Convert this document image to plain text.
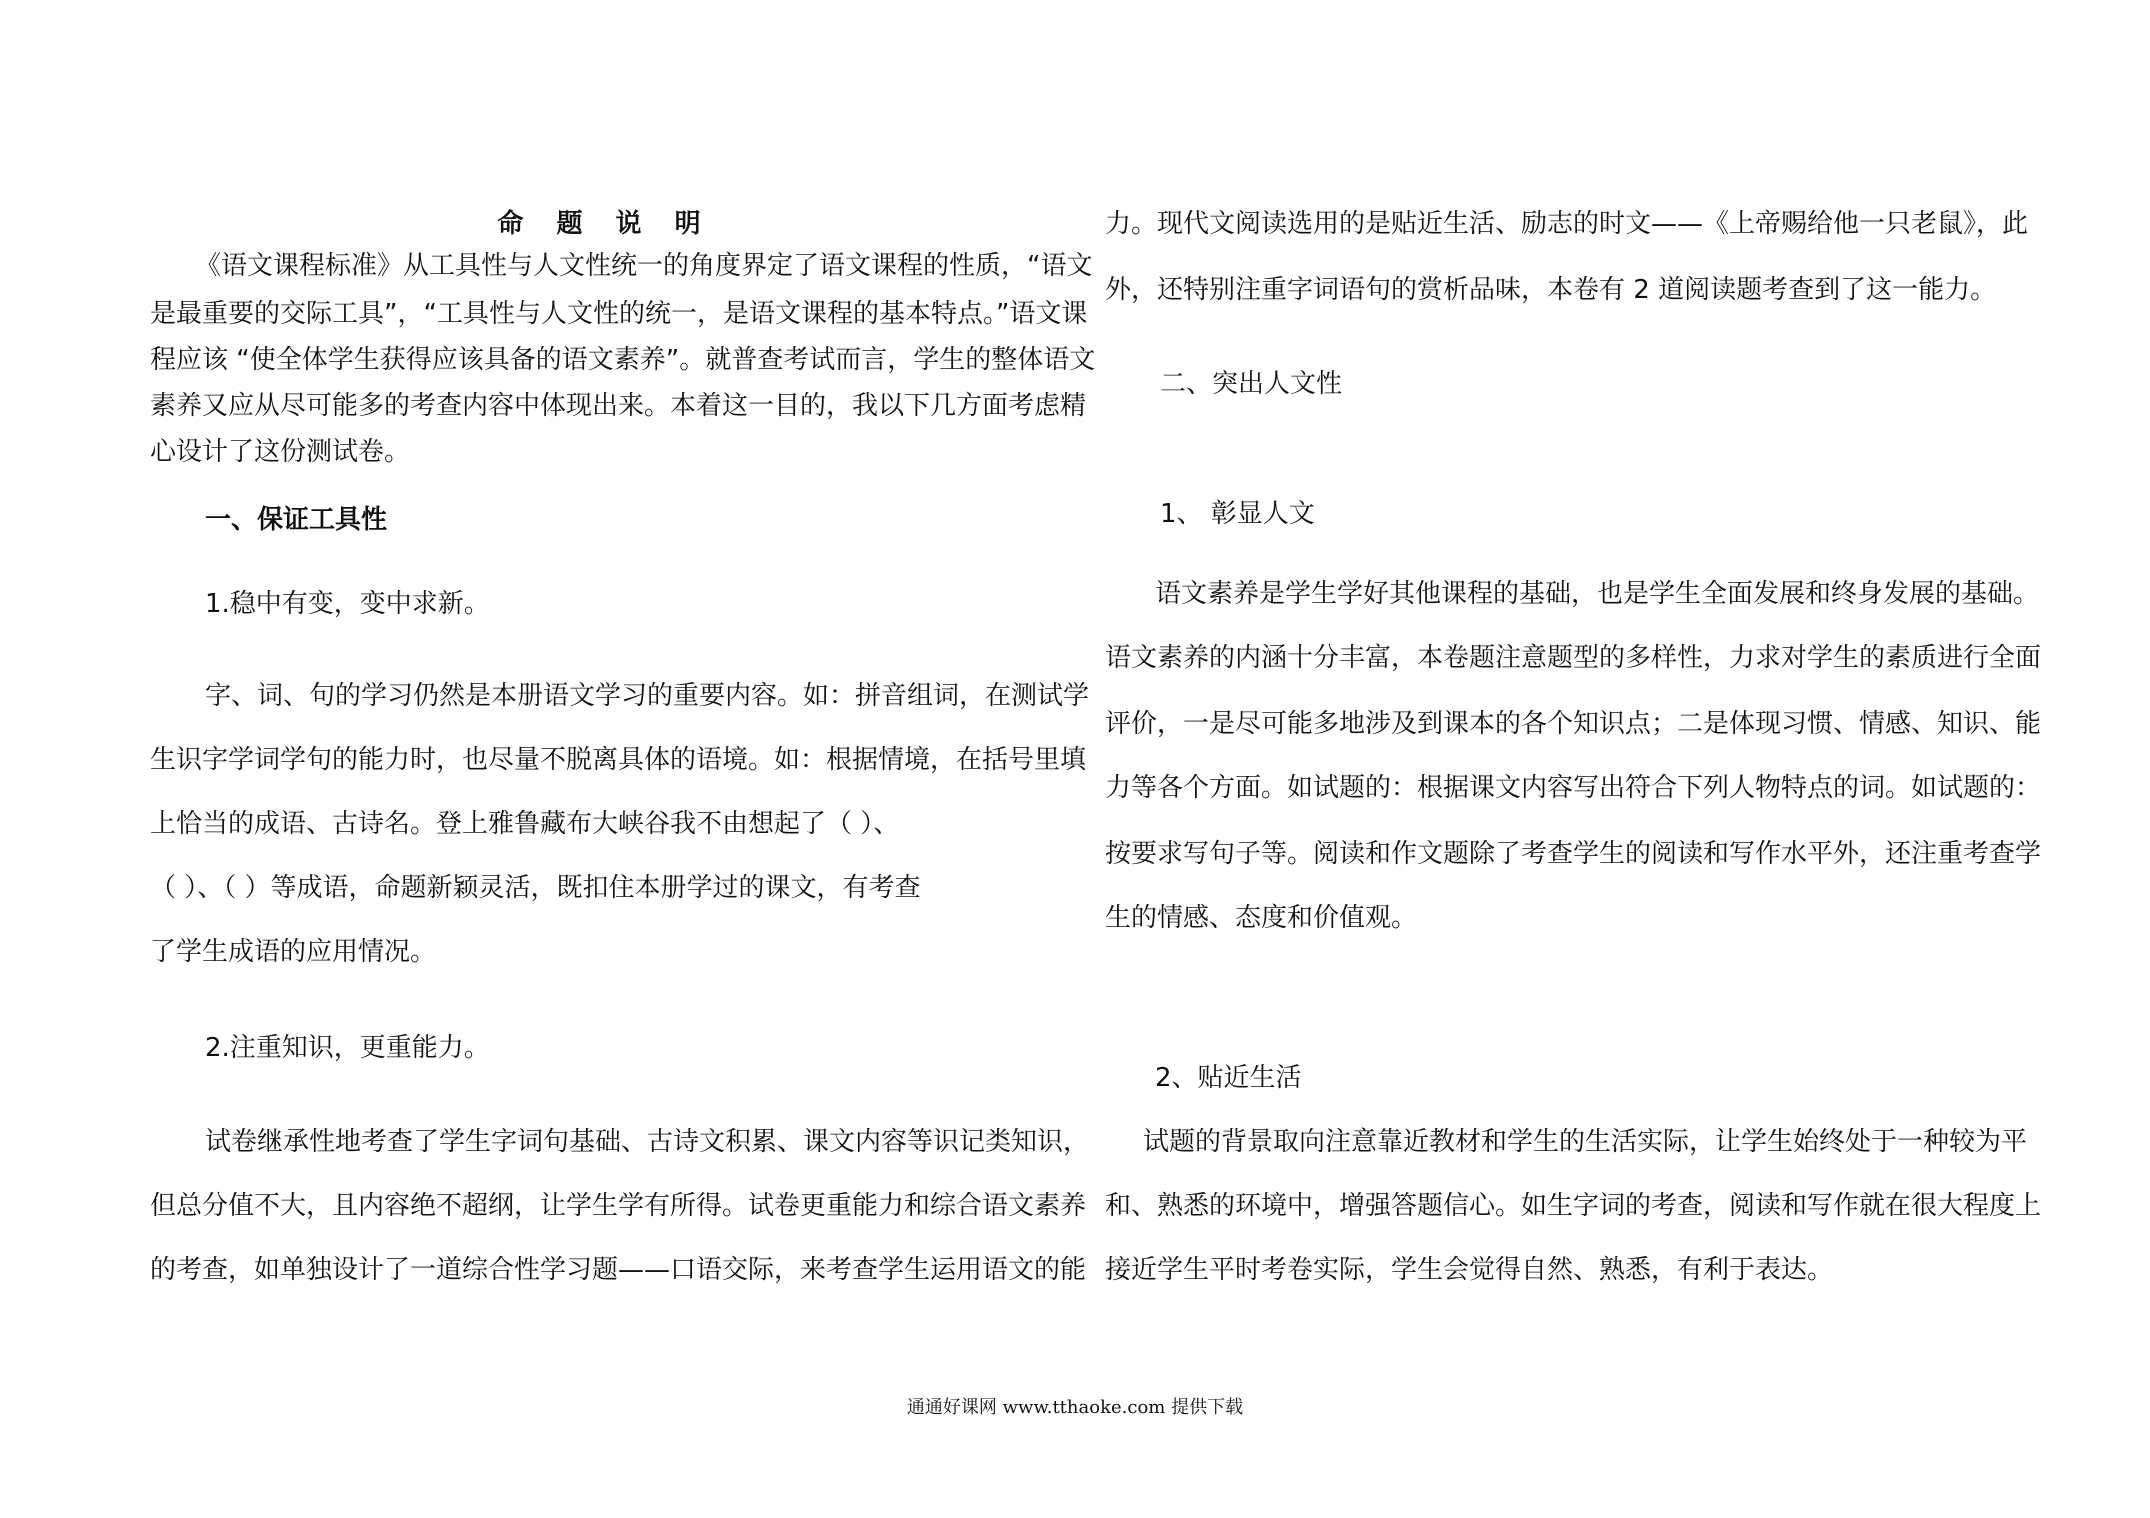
命 题 说 明

《语文课程标准》从工具性与人文性统一的角度界定了语文课程的性质，“语文

是最重要的交际工具”，“工具性与人文性的统一，是语文课程的基本特点。”语文课

程应该 “使全体学生获得应该具备的语文素养”。就普查考试而言，学生的整体语文

素养又应从尽可能多的考查内容中体现出来。本着这一目的，我以下几方面考虑精

心设计了这份测试卷。

一、保证工具性

1.稳中有变，变中求新。

字、词、句的学习仍然是本册语文学习的重要内容。如：拼音组词，在测试学

生识字学词学句的能力时，也尽量不脱离具体的语境。如：根据情境，在括号里填

上恰当的成语、古诗名。登上雅鲁藏布大峡谷我不由想起了（ ）、

（ ）、（ ）等成语，命题新颖灵活，既扣住本册学过的课文，有考查

了学生成语的应用情况。

2.注重知识，更重能力。

试卷继承性地考查了学生字词句基础、古诗文积累、课文内容等识记类知识，

但总分值不大，且内容绝不超纲，让学生学有所得。试卷更重能力和综合语文素养

的考查，如单独设计了一道综合性学习题——口语交际，来考查学生运用语文的能

力。现代文阅读选用的是贴近生活、励志的时文——《上帝赐给他一只老鼠》，此

外，还特别注重字词语句的赏析品味，本卷有 2 道阅读题考查到了这一能力。

二、突出人文性

1、 彰显人文

语文素养是学生学好其他课程的基础，也是学生全面发展和终身发展的基础。

语文素养的内涵十分丰富，本卷题注意题型的多样性，力求对学生的素质进行全面

评价，一是尽可能多地涉及到课本的各个知识点；二是体现习惯、情感、知识、能

力等各个方面。如试题的：根据课文内容写出符合下列人物特点的词。如试题的：

按要求写句子等。阅读和作文题除了考查学生的阅读和写作水平外，还注重考查学

生的情感、态度和价值观。

2、贴近生活

试题的背景取向注意靠近教材和学生的生活实际，让学生始终处于一种较为平

和、熟悉的环境中，增强答题信心。如生字词的考查，阅读和写作就在很大程度上

接近学生平时考卷实际，学生会觉得自然、熟悉，有利于表达。

通通好课网 www.tthaoke.com 提供下载
